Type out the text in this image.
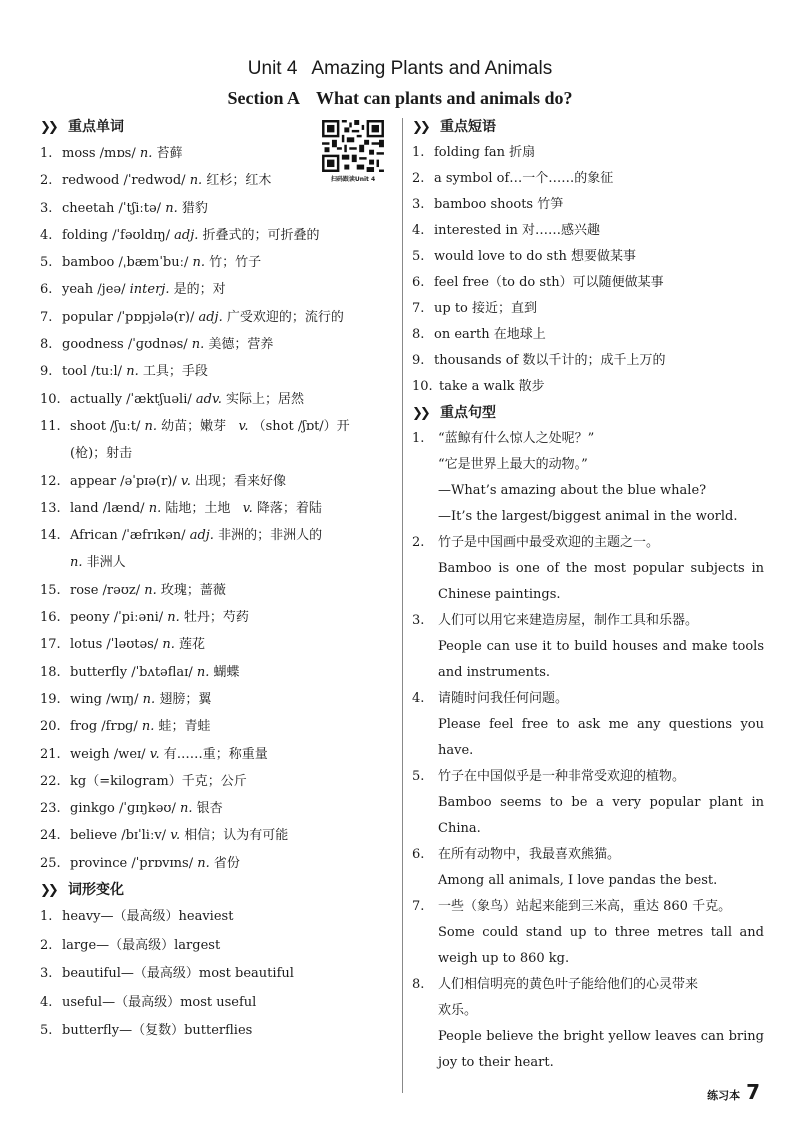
Unit 4 Amazing Plants and Animals
Section A What can plants and animals do?
扫码跟读Unit 4
❯❯ 重点单词
1. moss /mɒs/ n. 苔藓
2. redwood /ˈredwʊd/ n. 红杉；红木
3. cheetah /ˈtʃiːtə/ n. 猎豹
4. folding /ˈfəʊldɪŋ/ adj. 折叠式的；可折叠的
5. bamboo /ˌbæmˈbuː/ n. 竹；竹子
6. yeah /jeə/ interj. 是的；对
7. popular /ˈpɒpjələ(r)/ adj. 广受欢迎的；流行的
8. goodness /ˈɡʊdnəs/ n. 美德；营养
9. tool /tuːl/ n. 工具；手段
10. actually /ˈæktʃuəli/ adv. 实际上；居然
11. shoot /ʃuːt/ n. 幼苗；嫩芽 v. （shot /ʃɒt/）开
(枪)；射击
12. appear /əˈpɪə(r)/ v. 出现；看来好像
13. land /lænd/ n. 陆地；土地 v. 降落；着陆
14. African /ˈæfrɪkən/ adj. 非洲的；非洲人的
n. 非洲人
15. rose /rəʊz/ n. 玫瑰；蔷薇
16. peony /ˈpiːəni/ n. 牡丹；芍药
17. lotus /ˈləʊtəs/ n. 莲花
18. butterfly /ˈbʌtəflaɪ/ n. 蝴蝶
19. wing /wɪŋ/ n. 翅膀；翼
20. frog /frɒɡ/ n. 蛙；青蛙
21. weigh /weɪ/ v. 有……重；称重量
22. kg（=kilogram）千克；公斤
23. ginkgo /ˈɡɪŋkəʊ/ n. 银杏
24. believe /bɪˈliːv/ v. 相信；认为有可能
25. province /ˈprɒvɪns/ n. 省份
❯❯ 词形变化
1. heavy—（最高级）heaviest
2. large—（最高级）largest
3. beautiful—（最高级）most beautiful
4. useful—（最高级）most useful
5. butterfly—（复数）butterflies
❯❯ 重点短语
1. folding fan 折扇
2. a symbol of…一个……的象征
3. bamboo shoots 竹笋
4. interested in 对……感兴趣
5. would love to do sth 想要做某事
6. feel free（to do sth）可以随便做某事
7. up to 接近；直到
8. on earth 在地球上
9. thousands of 数以千计的；成千上万的
10. take a walk 散步
❯❯ 重点句型
1. “蓝鲸有什么惊人之处呢？”
“它是世界上最大的动物。”
—What’s amazing about the blue whale?
—It’s the largest/biggest animal in the world.
2. 竹子是中国画中最受欢迎的主题之一。
Bamboo is one of the most popular subjects in
Chinese paintings.
3. 人们可以用它来建造房屋，制作工具和乐器。
People can use it to build houses and make tools
and instruments.
4. 请随时问我任何问题。
Please feel free to ask me any questions you
have.
5. 竹子在中国似乎是一种非常受欢迎的植物。
Bamboo seems to be a very popular plant in
China.
6. 在所有动物中，我最喜欢熊猫。
Among all animals, I love pandas the best.
7. 一些（象鸟）站起来能到三米高，重达 860 千克。
Some could stand up to three metres tall and
weigh up to 860 kg.
8. 人们相信明亮的黄色叶子能给他们的心灵带来
欢乐。
People believe the bright yellow leaves can bring
joy to their heart.
练习本 7
